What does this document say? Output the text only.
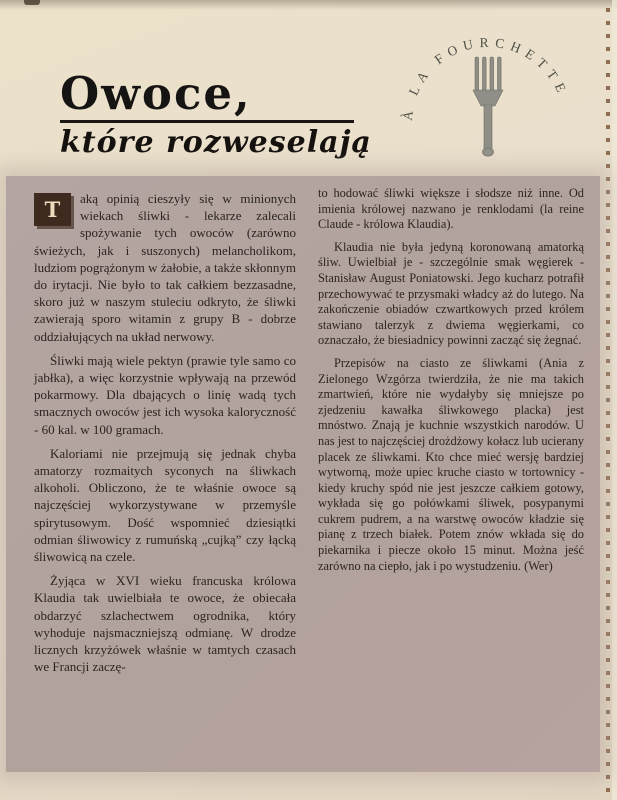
À LA FOURCHETTE
Owoce,
które rozweselają

T	aką opinią cieszyły się w minionych wiekach śliwki - lekarze zalecali spożywanie tych owoców (zarówno świeżych, jak i suszonych) melancholikom, ludziom pogrążonym w żałobie, a także skłonnym do irytacji. Nie było to tak całkiem bezzasadne, skoro już w naszym stuleciu odkryto, że śliwki zawierają sporo witamin z grupy B - dobrze oddziałujących na układ nerwowy.

Śliwki mają wiele pektyn (prawie tyle samo co jabłka), a więc korzystnie wpływają na przewód pokarmowy. Dla dbających o linię wadą tych smacznych owoców jest ich wysoka kaloryczność - 60 kal. w 100 gramach.

Kaloriami nie przejmują się jednak chyba amatorzy rozmaitych syconych na śliwkach alkoholi. Obliczono, że te właśnie owoce są najczęściej wykorzystywane w przemyśle spirytusowym. Dość wspomnieć dziesiątki odmian śliwowicy z rumuńską „cujką” czy łącką śliwowicą na czele.

Żyjąca w XVI wieku francuska królowa Klaudia tak uwielbiała te owoce, że obiecała obdarzyć szlachectwem ogrodnika, który wyhoduje najsmaczniejszą odmianę. W drodze licznych krzyżówek właśnie w tamtych czasach we Francji zaczę-

to hodować śliwki większe i słodsze niż inne. Od imienia królowej nazwano je renklodami (la reine Claude - królowa Klaudia).

Klaudia nie była jedyną koronowaną amatorką śliw. Uwielbiał je - szczególnie smak węgierek - Stanisław August Poniatowski. Jego kucharz potrafił przechowywać te przysmaki władcy aż do lutego. Na zakończenie obiadów czwartkowych przed królem stawiano talerzyk z dwiema węgierkami, co oznaczało, że biesiadnicy powinni zacząć się żegnać.

Przepisów na ciasto ze śliwkami (Ania z Zielonego Wzgórza twierdziła, że nie ma takich zmartwień, które nie wydałyby się mniejsze po zjedzeniu kawałka śliwkowego placka) jest mnóstwo. Znają je kuchnie wszystkich narodów. U nas jest to najczęściej drożdżowy kołacz lub ucierany placek ze śliwkami. Kto chce mieć wersję bardziej wytworną, może upiec kruche ciasto w tortownicy - kiedy kruchy spód nie jest jeszcze całkiem gotowy, wykłada się go połówkami śliwek, posypanymi cukrem pudrem, a na warstwę owoców kładzie się pianę z trzech białek. Potem znów wkłada się do piekarnika i piecze około 15 minut. Można jeść zarówno na ciepło, jak i po wystudzeniu. (Wer)
